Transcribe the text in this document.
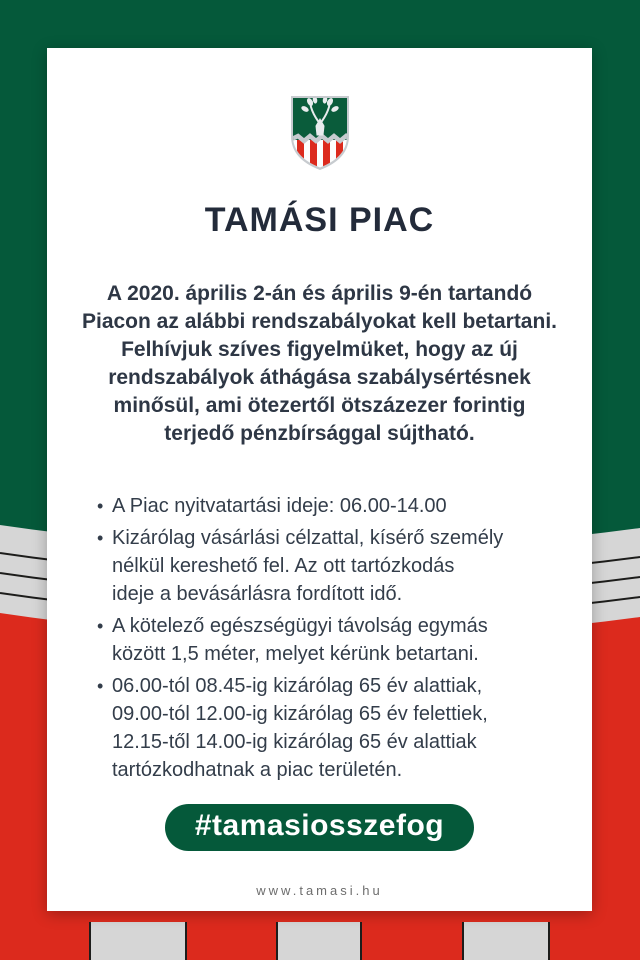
TAMÁSI PIAC
A 2020. április 2-án és április 9-én tartandó
Piacon az alábbi rendszabályokat kell betartani.
Felhívjuk szíves figyelmüket, hogy az új
rendszabályok áthágása szabálysértésnek
minősül, ami ötezertől ötszázezer forintig
terjedő pénzbírsággal sújtható.
• A Piac nyitvatartási ideje: 06.00-14.00
• Kizárólag vásárlási célzattal, kísérő személy
nélkül kereshető fel. Az ott tartózkodás
ideje a bevásárlásra fordított idő.
• A kötelező egészségügyi távolság egymás
között 1,5 méter, melyet kérünk betartani.
• 06.00-tól 08.45-ig kizárólag 65 év alattiak,
09.00-tól 12.00-ig kizárólag 65 év felettiek,
12.15-től 14.00-ig kizárólag 65 év alattiak
tartózkodhatnak a piac területén.
#tamasiosszefog
www.tamasi.hu
